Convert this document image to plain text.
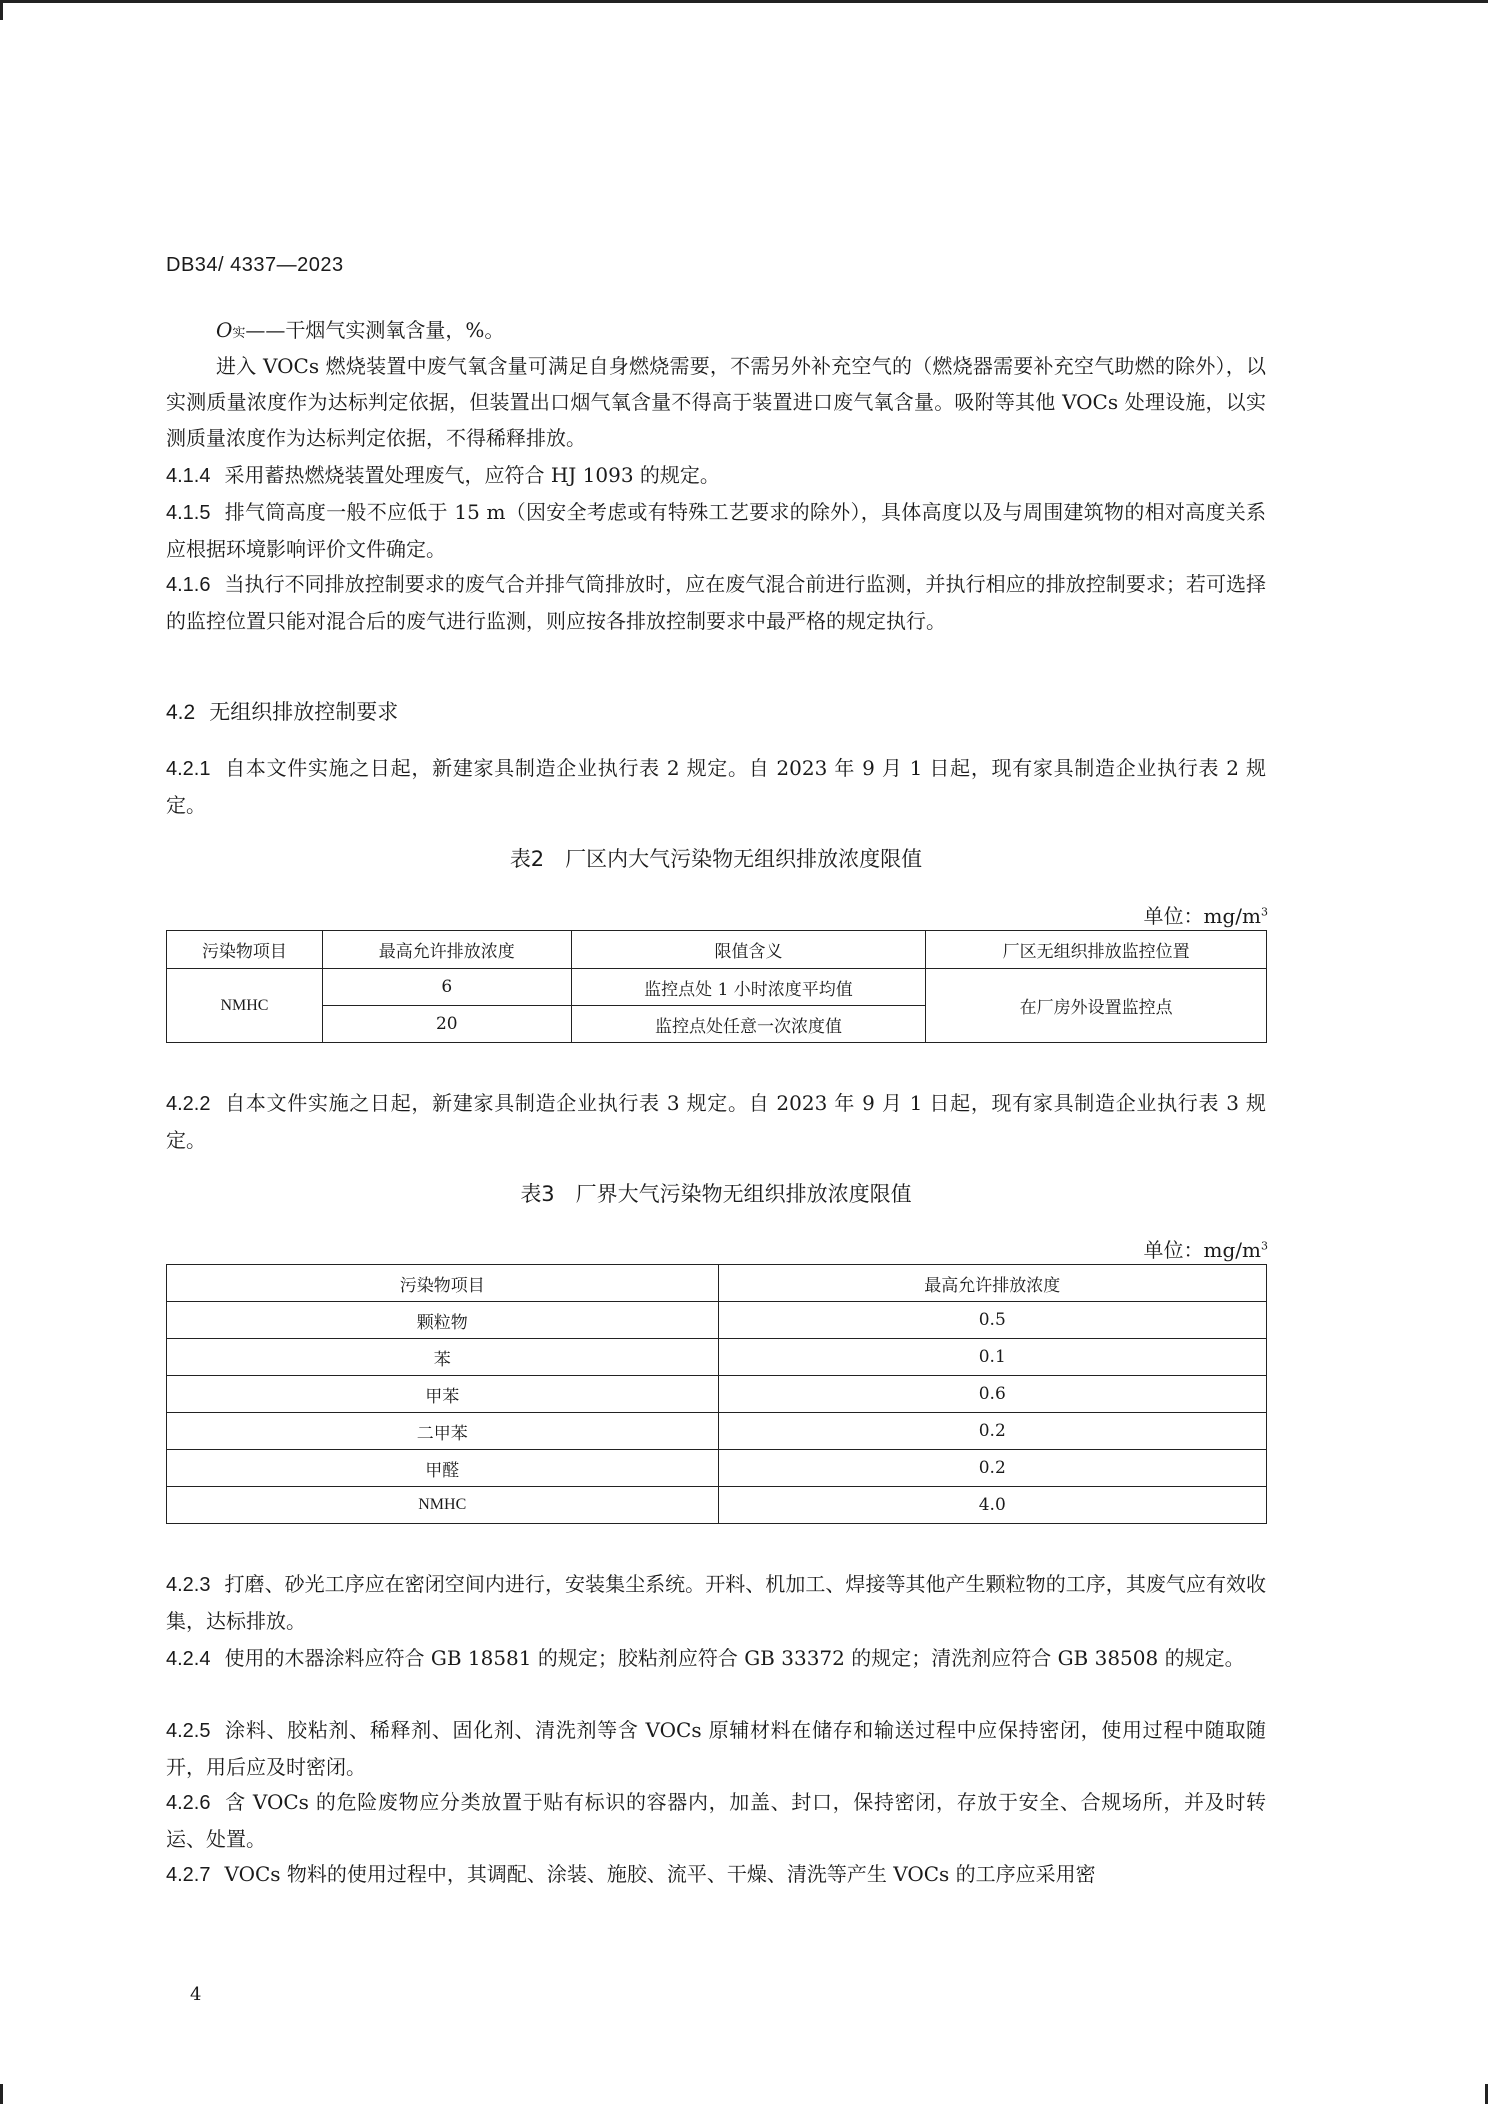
DB34/ 4337—2023
O实——干烟气实测氧含量，%。
进入 VOCs 燃烧装置中废气氧含量可满足自身燃烧需要，不需另外补充空气的（燃烧器需要补充空气助燃的除外），以实测质量浓度作为达标判定依据，但装置出口烟气氧含量不得高于装置进口废气氧含量。吸附等其他 VOCs 处理设施，以实测质量浓度作为达标判定依据，不得稀释排放。
4.1.4 采用蓄热燃烧装置处理废气，应符合 HJ 1093 的规定。
4.1.5 排气筒高度一般不应低于 15 m（因安全考虑或有特殊工艺要求的除外），具体高度以及与周围建筑物的相对高度关系应根据环境影响评价文件确定。
4.1.6 当执行不同排放控制要求的废气合并排气筒排放时，应在废气混合前进行监测，并执行相应的排放控制要求；若可选择的监控位置只能对混合后的废气进行监测，则应按各排放控制要求中最严格的规定执行。
4.2 无组织排放控制要求
4.2.1 自本文件实施之日起，新建家具制造企业执行表 2 规定。自 2023 年 9 月 1 日起，现有家具制造企业执行表 2 规定。
表2　厂区内大气污染物无组织排放浓度限值
单位：$mg/m^3$
污染物项目	最高允许排放浓度	限值含义	厂区无组织排放监控位置
NMHC	6	监控点处 1 小时浓度平均值	在厂房外设置监控点
	20	监控点处任意一次浓度值	
4.2.2 自本文件实施之日起，新建家具制造企业执行表 3 规定。自 2023 年 9 月 1 日起，现有家具制造企业执行表 3 规定。
表3　厂界大气污染物无组织排放浓度限值
单位：$mg/m^3$
污染物项目	最高允许排放浓度
颗粒物	0.5
苯	0.1
甲苯	0.6
二甲苯	0.2
甲醛	0.2
NMHC	4.0
4.2.3 打磨、砂光工序应在密闭空间内进行，安装集尘系统。开料、机加工、焊接等其他产生颗粒物的工序，其废气应有效收集，达标排放。
4.2.4 使用的木器涂料应符合 GB 18581 的规定；胶粘剂应符合 GB 33372 的规定；清洗剂应符合 GB 38508 的规定。
4.2.5 涂料、胶粘剂、稀释剂、固化剂、清洗剂等含 VOCs 原辅材料在储存和输送过程中应保持密闭，使用过程中随取随开，用后应及时密闭。
4.2.6 含 VOCs 的危险废物应分类放置于贴有标识的容器内，加盖、封口，保持密闭，存放于安全、合规场所，并及时转运、处置。
4.2.7 VOCs 物料的使用过程中，其调配、涂装、施胶、流平、干燥、清洗等产生 VOCs 的工序应采用密
4
